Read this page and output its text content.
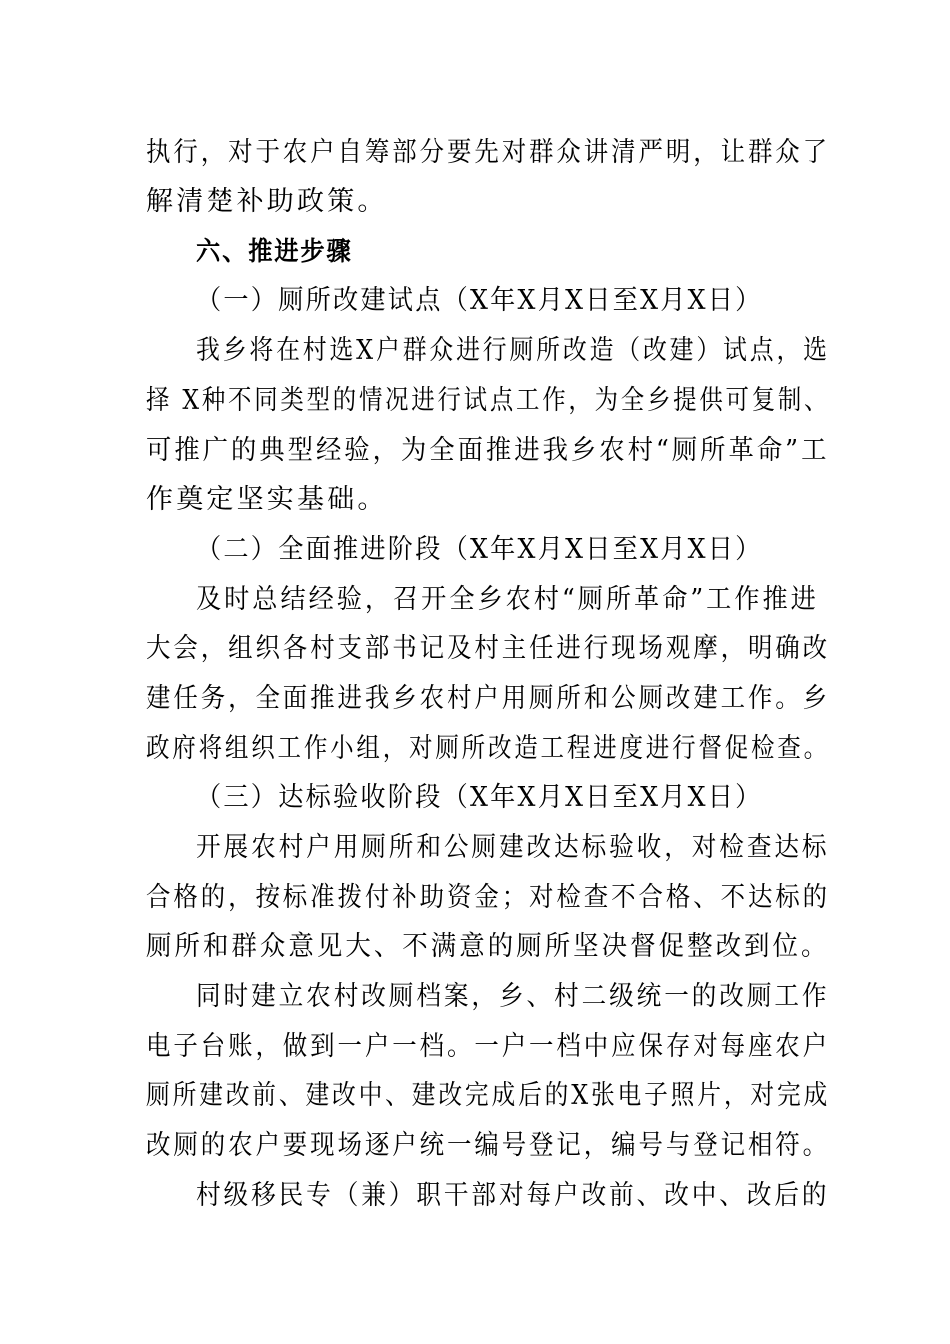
执行，对于农户自筹部分要先对群众讲清严明，让群众了
解清楚补助政策。
六、推进步骤
（一）厕所改建试点（X年X月X日至X月X日）
我乡将在村选X户群众进行厕所改造（改建）试点，选
择 X种不同类型的情况进行试点工作，为全乡提供可复制、
可推广的典型经验，为全面推进我乡农村“厕所革命”工
作奠定坚实基础。
（二）全面推进阶段（X年X月X日至X月X日）
及时总结经验，召开全乡农村“厕所革命”工作推进
大会，组织各村支部书记及村主任进行现场观摩，明确改
建任务，全面推进我乡农村户用厕所和公厕改建工作。乡
政府将组织工作小组，对厕所改造工程进度进行督促检查。
（三）达标验收阶段（X年X月X日至X月X日）
开展农村户用厕所和公厕建改达标验收，对检查达标
合格的，按标准拨付补助资金；对检查不合格、不达标的
厕所和群众意见大、不满意的厕所坚决督促整改到位。
同时建立农村改厕档案，乡、村二级统一的改厕工作
电子台账，做到一户一档。一户一档中应保存对每座农户
厕所建改前、建改中、建改完成后的X张电子照片，对完成
改厕的农户要现场逐户统一编号登记，编号与登记相符。
村级移民专（兼）职干部对每户改前、改中、改后的
